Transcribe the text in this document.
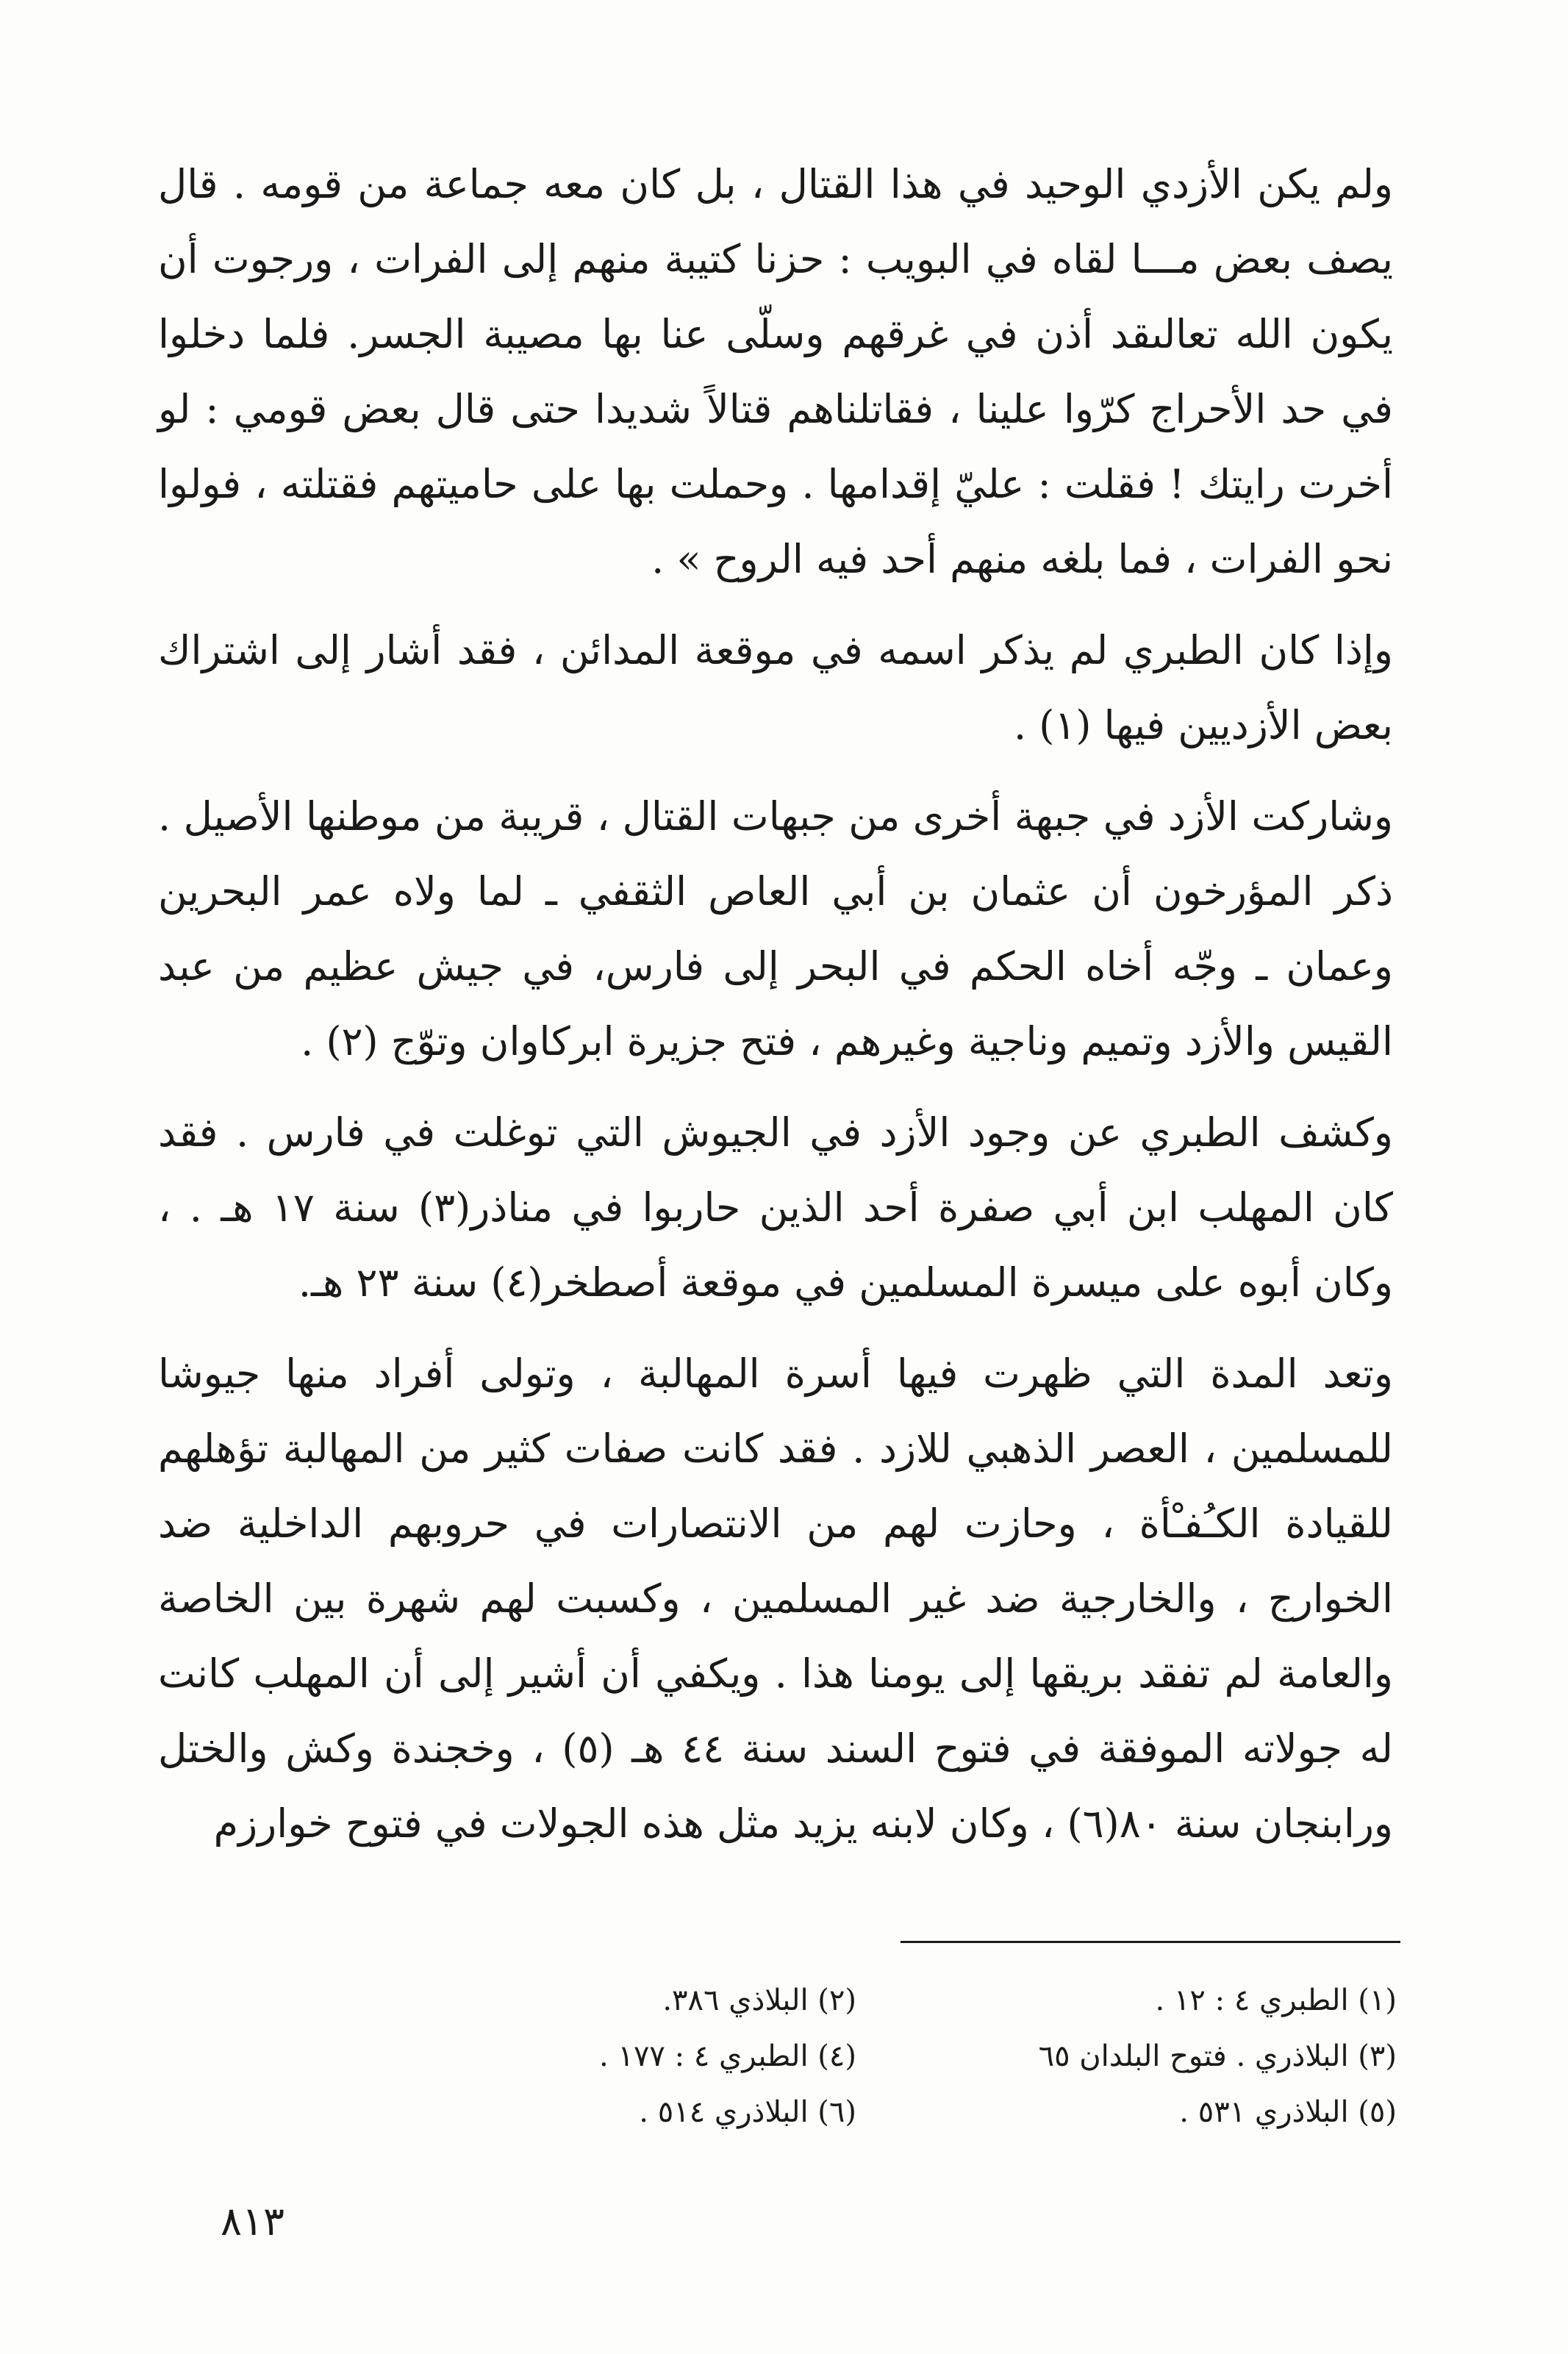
ولم يكن الأزدي الوحيد في هذا القتال ، بل كان معه جماعة من قومه . قال يصف بعض مـــا لقاه في البويب : حزنا كتيبة منهم إلى الفرات ، ورجوت أن يكون الله تعالىقد أذن في غرقهم وسلّى عنا بها مصيبة الجسر. فلما دخلوا في حد الأحراج كرّوا علينا ، فقاتلناهم قتالاً شديدا حتى قال بعض قومي : لو أخرت رايتك ! فقلت : عليّ إقدامها . وحملت بها على حاميتهم فقتلته ، فولوا نحو الفرات ، فما بلغه منهم أحد فيه الروح » .

وإذا كان الطبري لم يذكر اسمه في موقعة المدائن ، فقد أشار إلى اشتراك بعض الأزديين فيها (١) .

وشاركت الأزد في جبهة أخرى من جبهات القتال ، قريبة من موطنها الأصيل . ذكر المؤرخون أن عثمان بن أبي العاص الثقفي ـ لما ولاه عمر البحرين وعمان ـ وجّه أخاه الحكم في البحر إلى فارس، في جيش عظيم من عبد القيس والأزد وتميم وناجية وغيرهم ، فتح جزيرة ابركاوان وتوّج (٢) .

وكشف الطبري عن وجود الأزد في الجيوش التي توغلت في فارس . فقد كان المهلب ابن أبي صفرة أحد الذين حاربوا في مناذر(٣) سنة ١٧ هـ . ، وكان أبوه على ميسرة المسلمين في موقعة أصطخر(٤) سنة ٢٣ هـ.

وتعد المدة التي ظهرت فيها أسرة المهالبة ، وتولى أفراد منها جيوشا للمسلمين ، العصر الذهبي للازد . فقد كانت صفات كثير من المهالبة تؤهلهم للقيادة الكـُفـْأة ، وحازت لهم من الانتصارات في حروبهم الداخلية ضد الخوارج ، والخارجية ضد غير المسلمين ، وكسبت لهم شهرة بين الخاصة والعامة لم تفقد بريقها إلى يومنا هذا . ويكفي أن أشير إلى أن المهلب كانت له جولاته الموفقة في فتوح السند سنة ٤٤ هـ (٥) ، وخجندة وكش والختل ورابنجان سنة ٨٠(٦) ، وكان لابنه يزيد مثل هذه الجولات في فتوح خوارزم

(١) الطبري ٤ : ١٢ .
(٢) البلاذي ٣٨٦.
(٣) البلاذري . فتوح البلدان ٦٥
(٤) الطبري ٤ : ١٧٧ .
(٥) البلاذري ٥٣١ .
(٦) البلاذري ٥١٤ .
٨١٣
